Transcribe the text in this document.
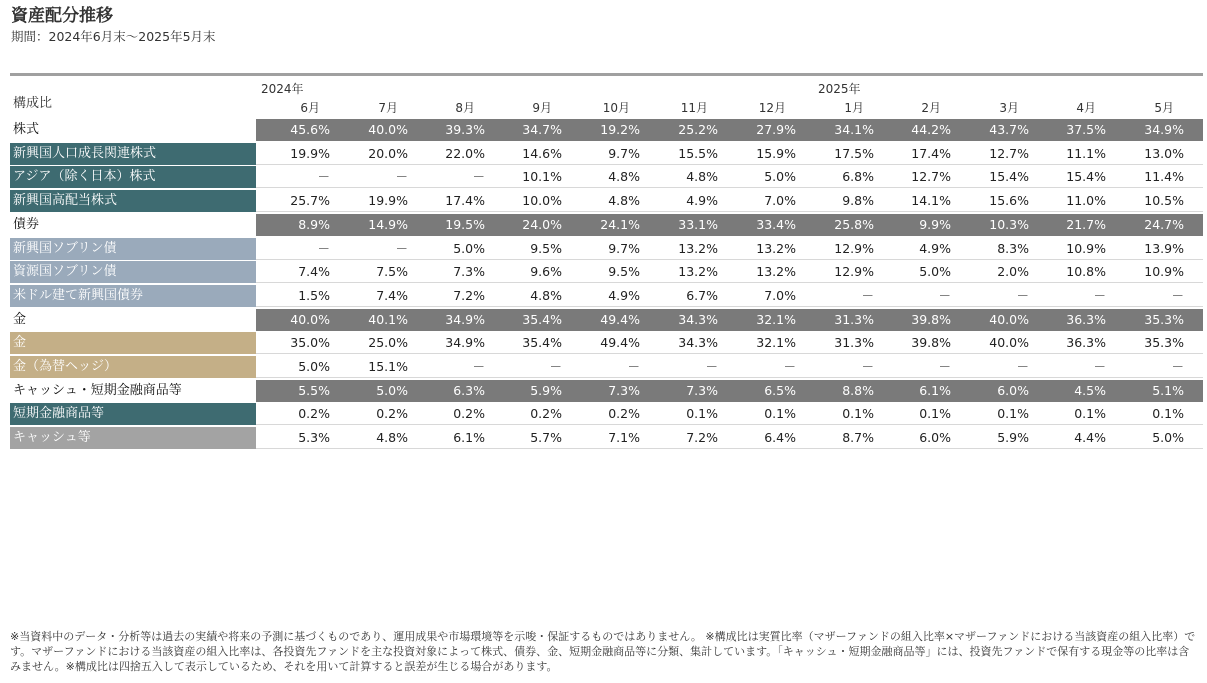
資産配分推移
期間：2024年6月末～2025年5月末
構成比
2024年	2025年
6月	7月	8月	9月	10月	11月	12月	1月	2月	3月	4月	5月
株式	45.6%	40.0%	39.3%	34.7%	19.2%	25.2%	27.9%	34.1%	44.2%	43.7%	37.5%	34.9%
新興国人口成長関連株式	19.9%	20.0%	22.0%	14.6%	9.7%	15.5%	15.9%	17.5%	17.4%	12.7%	11.1%	13.0%
アジア（除く日本）株式	－	－	－	10.1%	4.8%	4.8%	5.0%	6.8%	12.7%	15.4%	15.4%	11.4%
新興国高配当株式	25.7%	19.9%	17.4%	10.0%	4.8%	4.9%	7.0%	9.8%	14.1%	15.6%	11.0%	10.5%
債券	8.9%	14.9%	19.5%	24.0%	24.1%	33.1%	33.4%	25.8%	9.9%	10.3%	21.7%	24.7%
新興国ソブリン債	－	－	5.0%	9.5%	9.7%	13.2%	13.2%	12.9%	4.9%	8.3%	10.9%	13.9%
資源国ソブリン債	7.4%	7.5%	7.3%	9.6%	9.5%	13.2%	13.2%	12.9%	5.0%	2.0%	10.8%	10.9%
米ドル建て新興国債券	1.5%	7.4%	7.2%	4.8%	4.9%	6.7%	7.0%	－	－	－	－	－
金	40.0%	40.1%	34.9%	35.4%	49.4%	34.3%	32.1%	31.3%	39.8%	40.0%	36.3%	35.3%
金	35.0%	25.0%	34.9%	35.4%	49.4%	34.3%	32.1%	31.3%	39.8%	40.0%	36.3%	35.3%
金（為替ヘッジ）	5.0%	15.1%	－	－	－	－	－	－	－	－	－	－
キャッシュ・短期金融商品等	5.5%	5.0%	6.3%	5.9%	7.3%	7.3%	6.5%	8.8%	6.1%	6.0%	4.5%	5.1%
短期金融商品等	0.2%	0.2%	0.2%	0.2%	0.2%	0.1%	0.1%	0.1%	0.1%	0.1%	0.1%	0.1%
キャッシュ等	5.3%	4.8%	6.1%	5.7%	7.1%	7.2%	6.4%	8.7%	6.0%	5.9%	4.4%	5.0%
※当資料中のデータ・分析等は過去の実績や将来の予測に基づくものであり、運用成果や市場環境等を示唆・保証するものではありません。 ※構成比は実質比率（マザーファンドの組入比率×マザーファンドにおける当該資産の組入比率）です。マザーファンドにおける当該資産の組入比率は、各投資先ファンドを主な投資対象によって株式、債券、金、短期金融商品等に分類、集計しています。「キャッシュ・短期金融商品等」には、投資先ファンドで保有する現金等の比率は含みません。※構成比は四捨五入して表示しているため、それを用いて計算すると誤差が生じる場合があります。
